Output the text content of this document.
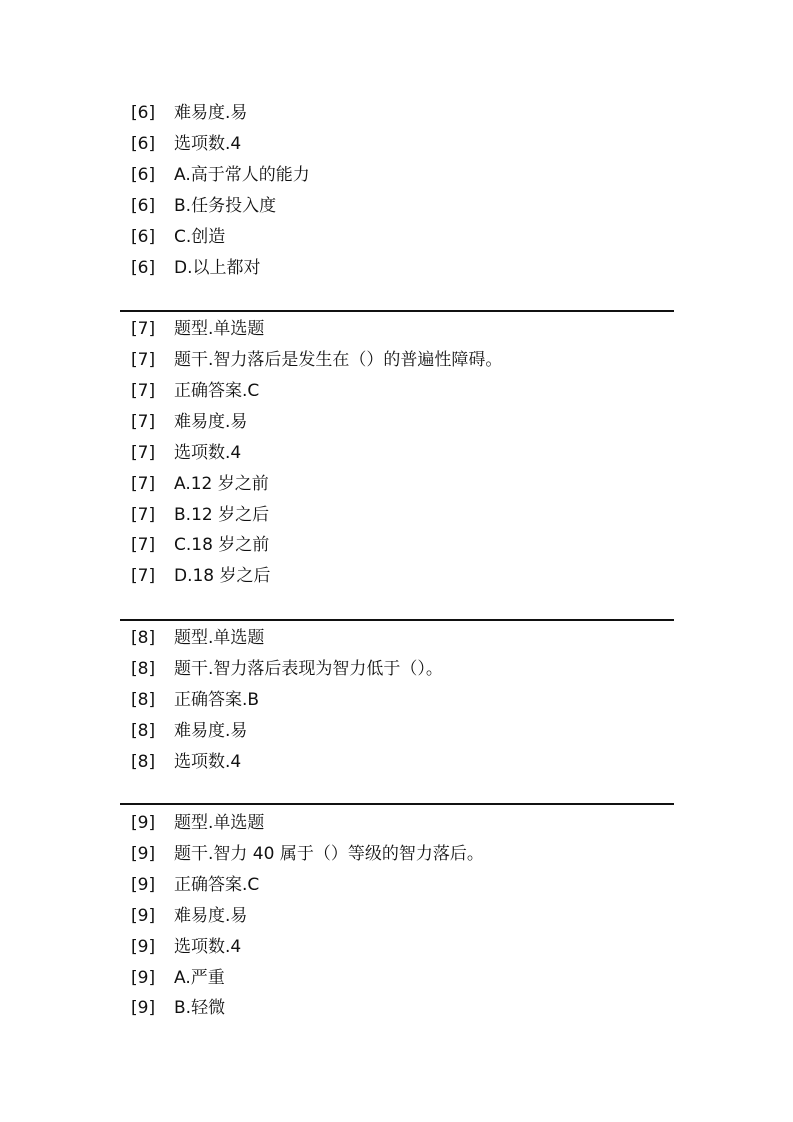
[6] 难易度.易
[6] 选项数.4
[6] A.高于常人的能力
[6] B.任务投入度
[6] C.创造
[6] D.以上都对
[7] 题型.单选题
[7] 题干.智力落后是发生在（）的普遍性障碍。
[7] 正确答案.C
[7] 难易度.易
[7] 选项数.4
[7] A.12 岁之前
[7] B.12 岁之后
[7] C.18 岁之前
[7] D.18 岁之后
[8] 题型.单选题
[8] 题干.智力落后表现为智力低于（）。
[8] 正确答案.B
[8] 难易度.易
[8] 选项数.4
[9] 题型.单选题
[9] 题干.智力 40 属于（）等级的智力落后。
[9] 正确答案.C
[9] 难易度.易
[9] 选项数.4
[9] A.严重
[9] B.轻微
